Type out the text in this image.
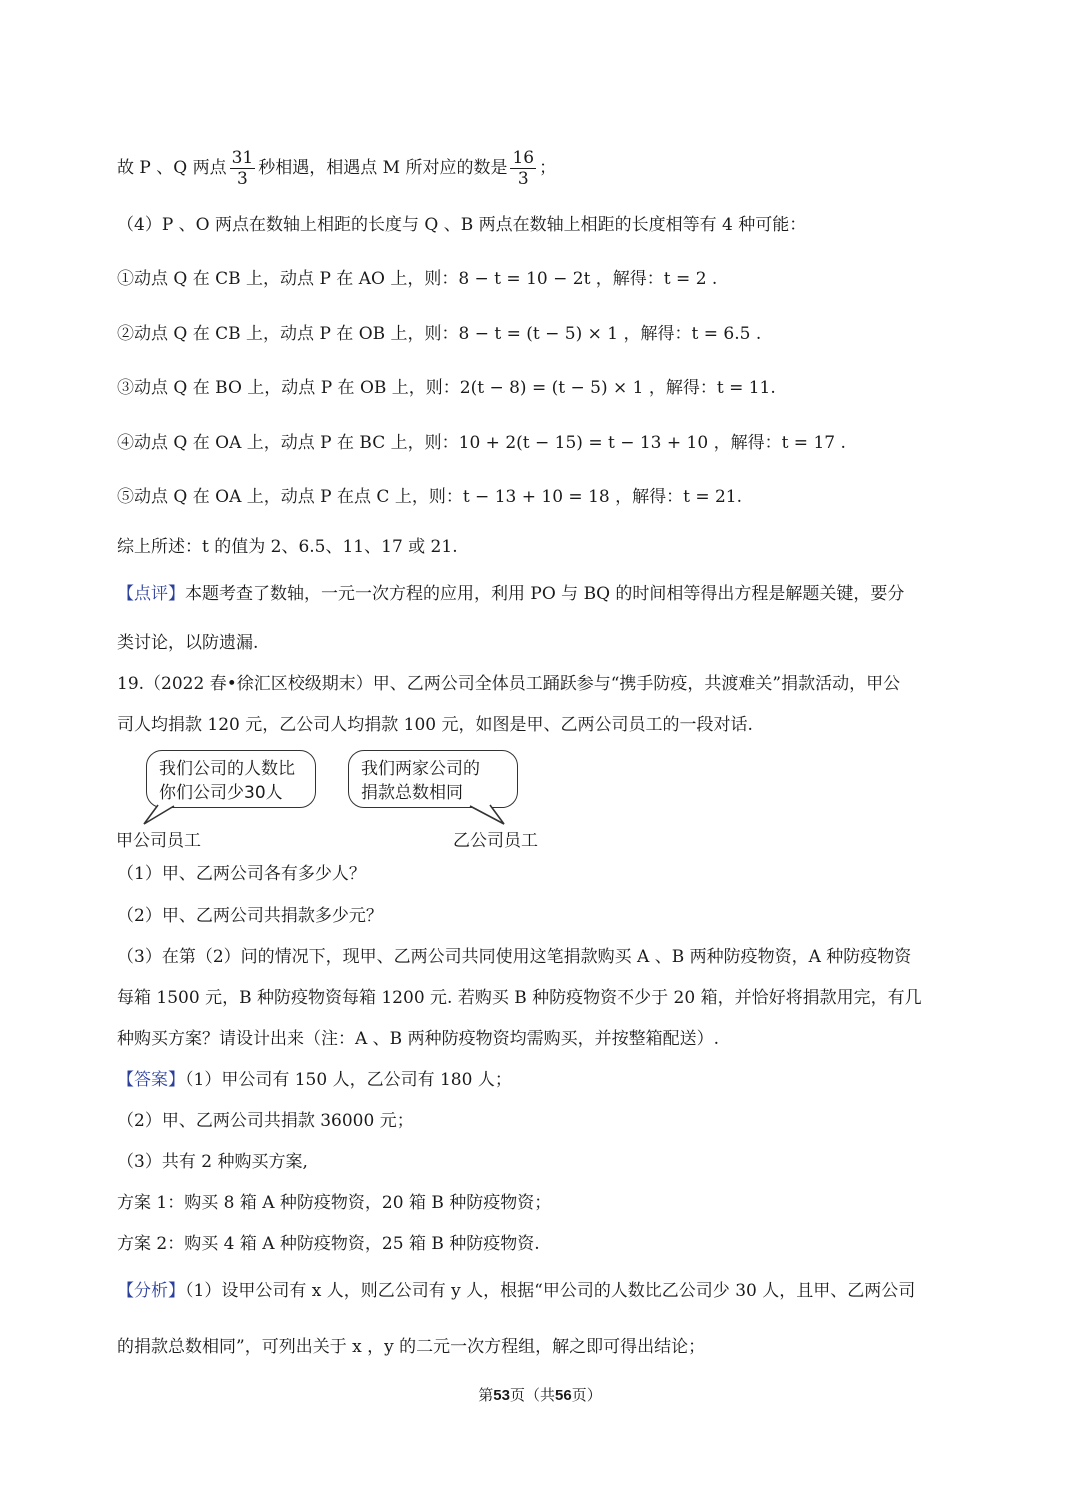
故 P 、Q 两点 $\frac{31}{3}$ 秒相遇，相遇点 M 所对应的数是 $\frac{16}{3}$ ；
（4）P 、O 两点在数轴上相距的长度与 Q 、B 两点在数轴上相距的长度相等有 4 种可能：
①动点 Q 在 CB 上，动点 P 在 AO 上，则：8 − t = 10 − 2t ，解得：t = 2 .
②动点 Q 在 CB 上，动点 P 在 OB 上，则：8 − t = (t − 5) × 1 ，解得：t = 6.5 .
③动点 Q 在 BO 上，动点 P 在 OB 上，则：2(t − 8) = (t − 5) × 1 ，解得：t = 11.
④动点 Q 在 OA 上，动点 P 在 BC 上，则：10 + 2(t − 15) = t − 13 + 10 ，解得：t = 17 .
⑤动点 Q 在 OA 上，动点 P 在点 C 上，则：t − 13 + 10 = 18 ，解得：t = 21.
综上所述：t 的值为 2、6.5、11、17 或 21.
【点评】本题考查了数轴，一元一次方程的应用，利用 PO 与 BQ 的时间相等得出方程是解题关键，要分
类讨论，以防遗漏.
19.（2022 春•徐汇区校级期末）甲、乙两公司全体员工踊跃参与“携手防疫，共渡难关”捐款活动，甲公
司人均捐款 120 元，乙公司人均捐款 100 元，如图是甲、乙两公司员工的一段对话.
我们公司的人数比
你们公司少30人
我们两家公司的
捐款总数相同
甲公司员工	乙公司员工
（1）甲、乙两公司各有多少人？
（2）甲、乙两公司共捐款多少元？
（3）在第（2）问的情况下，现甲、乙两公司共同使用这笔捐款购买 A 、B 两种防疫物资，A 种防疫物资
每箱 1500 元，B 种防疫物资每箱 1200 元. 若购买 B 种防疫物资不少于 20 箱，并恰好将捐款用完，有几
种购买方案？请设计出来（注：A 、B 两种防疫物资均需购买，并按整箱配送）.
【答案】（1）甲公司有 150 人，乙公司有 180 人；
（2）甲、乙两公司共捐款 36000 元；
（3）共有 2 种购买方案,
方案 1：购买 8 箱 A 种防疫物资，20 箱 B 种防疫物资；
方案 2：购买 4 箱 A 种防疫物资，25 箱 B 种防疫物资.
【分析】（1）设甲公司有 x 人，则乙公司有 y 人，根据“甲公司的人数比乙公司少 30 人，且甲、乙两公司
的捐款总数相同”，可列出关于 x ，y 的二元一次方程组，解之即可得出结论；
第53页（共56页）
